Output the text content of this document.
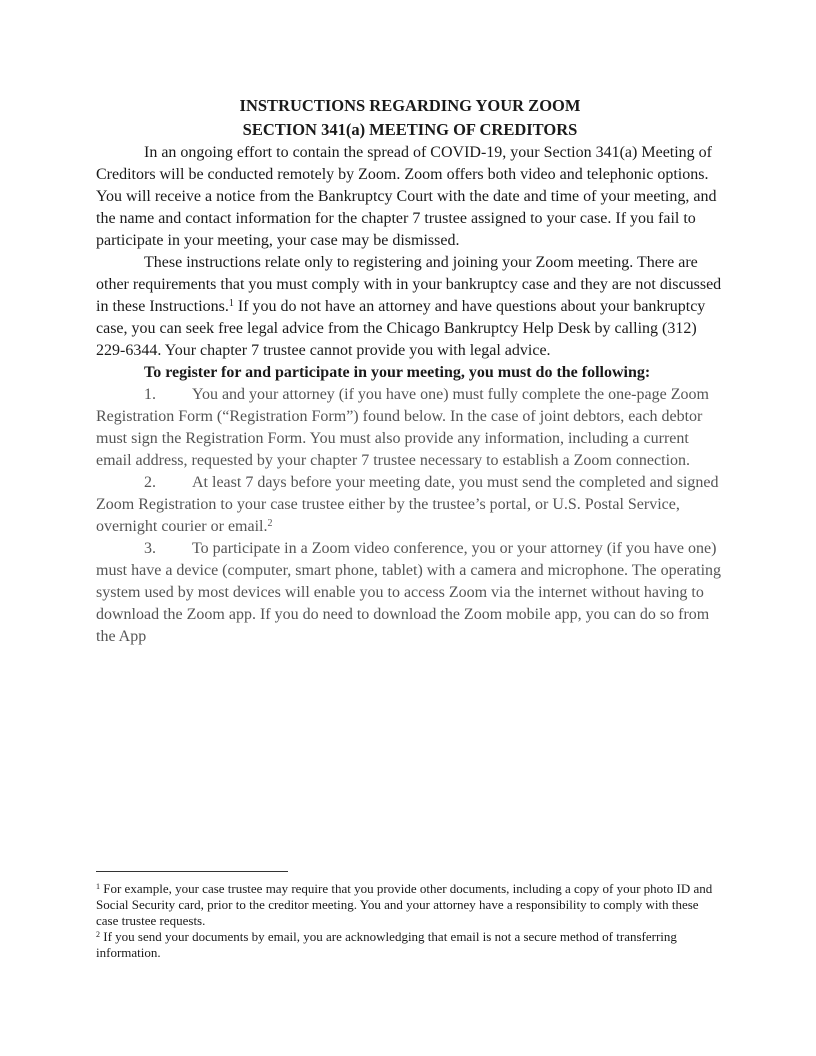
INSTRUCTIONS REGARDING YOUR ZOOM
SECTION 341(a) MEETING OF CREDITORS

In an ongoing effort to contain the spread of COVID-19, your Section 341(a) Meeting of Creditors will be conducted remotely by Zoom. Zoom offers both video and telephonic options. You will receive a notice from the Bankruptcy Court with the date and time of your meeting, and the name and contact information for the chapter 7 trustee assigned to your case. If you fail to participate in your meeting, your case may be dismissed.

These instructions relate only to registering and joining your Zoom meeting. There are other requirements that you must comply with in your bankruptcy case and they are not discussed in these Instructions.$^1$ If you do not have an attorney and have questions about your bankruptcy case, you can seek free legal advice from the Chicago Bankruptcy Help Desk by calling (312) 229-6344. Your chapter 7 trustee cannot provide you with legal advice.

To register for and participate in your meeting, you must do the following:

1. You and your attorney (if you have one) must fully complete the one-page Zoom Registration Form (“Registration Form”) found below. In the case of joint debtors, each debtor must sign the Registration Form. You must also provide any information, including a current email address, requested by your chapter 7 trustee necessary to establish a Zoom connection.

2. At least 7 days before your meeting date, you must send the completed and signed Zoom Registration to your case trustee either by the trustee’s portal, or U.S. Postal Service, overnight courier or email.$^2$

3. To participate in a Zoom video conference, you or your attorney (if you have one) must have a device (computer, smart phone, tablet) with a camera and microphone. The operating system used by most devices will enable you to access Zoom via the internet without having to download the Zoom app. If you do need to download the Zoom mobile app, you can do so from the App

$^1$ For example, your case trustee may require that you provide other documents, including a copy of your photo ID and Social Security card, prior to the creditor meeting. You and your attorney have a responsibility to comply with these case trustee requests.

$^2$ If you send your documents by email, you are acknowledging that email is not a secure method of transferring information.
